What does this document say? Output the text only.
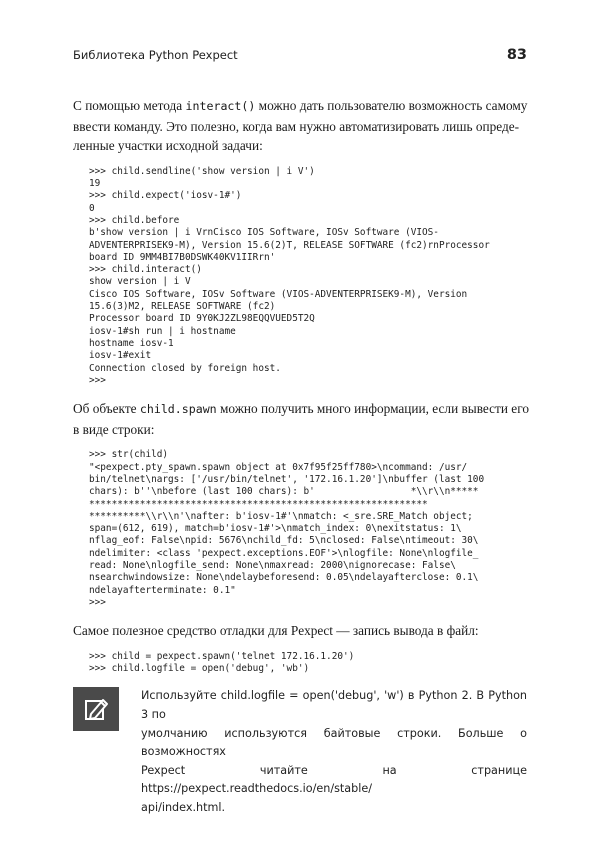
Библиотека Python Pexpect	83

С помощью метода interact() можно дать пользователю возможность самому
ввести команду. Это полезно, когда вам нужно автоматизировать лишь опреде-
ленные участки исходной задачи:

>>> child.sendline('show version | i V')
19
>>> child.expect('iosv-1#')
0
>>> child.before
b'show version | i VrnCisco IOS Software, IOSv Software (VIOS-
ADVENTERPRISEK9-M), Version 15.6(2)T, RELEASE SOFTWARE (fc2)rnProcessor
board ID 9MM4BI7B0DSWK40KV1IIRrn'
>>> child.interact()
show version | i V
Cisco IOS Software, IOSv Software (VIOS-ADVENTERPRISEK9-M), Version
15.6(3)M2, RELEASE SOFTWARE (fc2)
Processor board ID 9Y0KJ2ZL98EQQVUED5T2Q
iosv-1#sh run | i hostname
hostname iosv-1
iosv-1#exit
Connection closed by foreign host.
>>>

Об объекте child.spawn можно получить много информации, если вывести его
в виде строки:

>>> str(child)
"<pexpect.pty_spawn.spawn object at 0x7f95f25ff780>\ncommand: /usr/
bin/telnet\nargs: ['/usr/bin/telnet', '172.16.1.20']\nbuffer (last 100
chars): b''\nbefore (last 100 chars): b'                 *\\r\\n*****
************************************************************
**********\\r\\n'\nafter: b'iosv-1#'\nmatch: <_sre.SRE_Match object;
span=(612, 619), match=b'iosv-1#'>\nmatch_index: 0\nexitstatus: 1\
nflag_eof: False\npid: 5676\nchild_fd: 5\nclosed: False\ntimeout: 30\
ndelimiter: <class 'pexpect.exceptions.EOF'>\nlogfile: None\nlogfile_
read: None\nlogfile_send: None\nmaxread: 2000\nignorecase: False\
nsearchwindowsize: None\ndelaybeforesend: 0.05\ndelayafterclose: 0.1\
ndelayafterterminate: 0.1"
>>>

Самое полезное средство отладки для Pexpect — запись вывода в файл:

>>> child = pexpect.spawn('telnet 172.16.1.20')
>>> child.logfile = open('debug', 'wb')
Используйте child.logfile = open('debug', 'w') в Python 2. В Python 3 по
умолчанию используются байтовые строки. Больше о возможностях
Pexpect читайте на странице https://pexpect.readthedocs.io/en/stable/
api/index.html.
